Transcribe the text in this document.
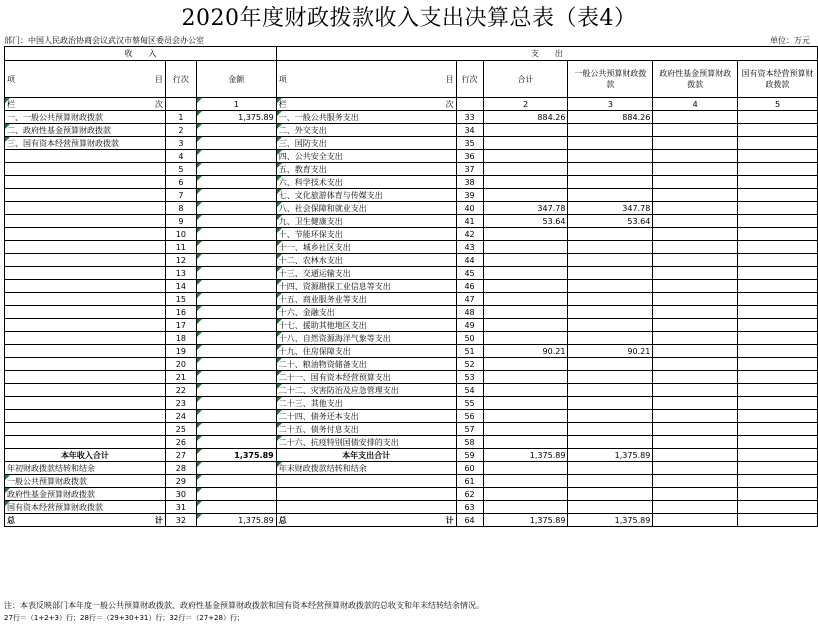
2020年度财政拨款收入支出决算总表（表4）
部门：中国人民政治协商会议武汉市蔡甸区委员会办公室	单位：万元
收　　入			支　　出					

项 目	行次	金额	项 目	行次	合计	一般公共预算财政拨款	政府性基金预算财政拨款	国有资本经营预算财政拨款

栏 次		1	栏 次		2	3	4	5
一、一般公共预算财政拨款	1	1,375.89	一、一般公共服务支出	33	884.26	884.26		
二、政府性基金预算财政拨款	2		二、外交支出	34				
三、国有资本经营预算财政拨款	3		三、国防支出	35				
	4		四、公共安全支出	36				
	5		五、教育支出	37				
	6		六、科学技术支出	38				
	7		七、文化旅游体育与传媒支出	39				
	8		八、社会保障和就业支出	40	347.78	347.78		
	9		九、卫生健康支出	41	53.64	53.64		
	10		十、节能环保支出	42				
	11		十一、城乡社区支出	43				
	12		十二、农林水支出	44				
	13		十三、交通运输支出	45				
	14		十四、资源勘探工业信息等支出	46				
	15		十五、商业服务业等支出	47				
	16		十六、金融支出	48				
	17		十七、援助其他地区支出	49				
	18		十八、自然资源海洋气象等支出	50				
	19		十九、住房保障支出	51	90.21	90.21		
	20		二十、粮油物资储备支出	52				
	21		二十一、国有资本经营预算支出	53				
	22		二十二、灾害防治及应急管理支出	54				
	23		二十三、其他支出	55				
	24		二十四、债务还本支出	56				
	25		二十五、债务付息支出	57				
	26		二十六、抗疫特别国债安排的支出	58				
本年收入合计	27	1,375.89	本年支出合计	59	1,375.89	1,375.89		
年初财政拨款结转和结余	28		年末财政拨款结转和结余	60				
一般公共预算财政拨款	29			61				
政府性基金预算财政拨款	30			62				
国有资本经营预算财政拨款	31			63				

总 计	32	1,375.89	总 计	64	1,375.89	1,375.89		
注：本表反映部门本年度一般公共预算财政拨款、政府性基金预算财政拨款和国有资本经营预算财政拨款的总收支和年末结转结余情况。
27行＝（1+2+3）行；28行＝（29+30+31）行；32行＝（27+28）行；
